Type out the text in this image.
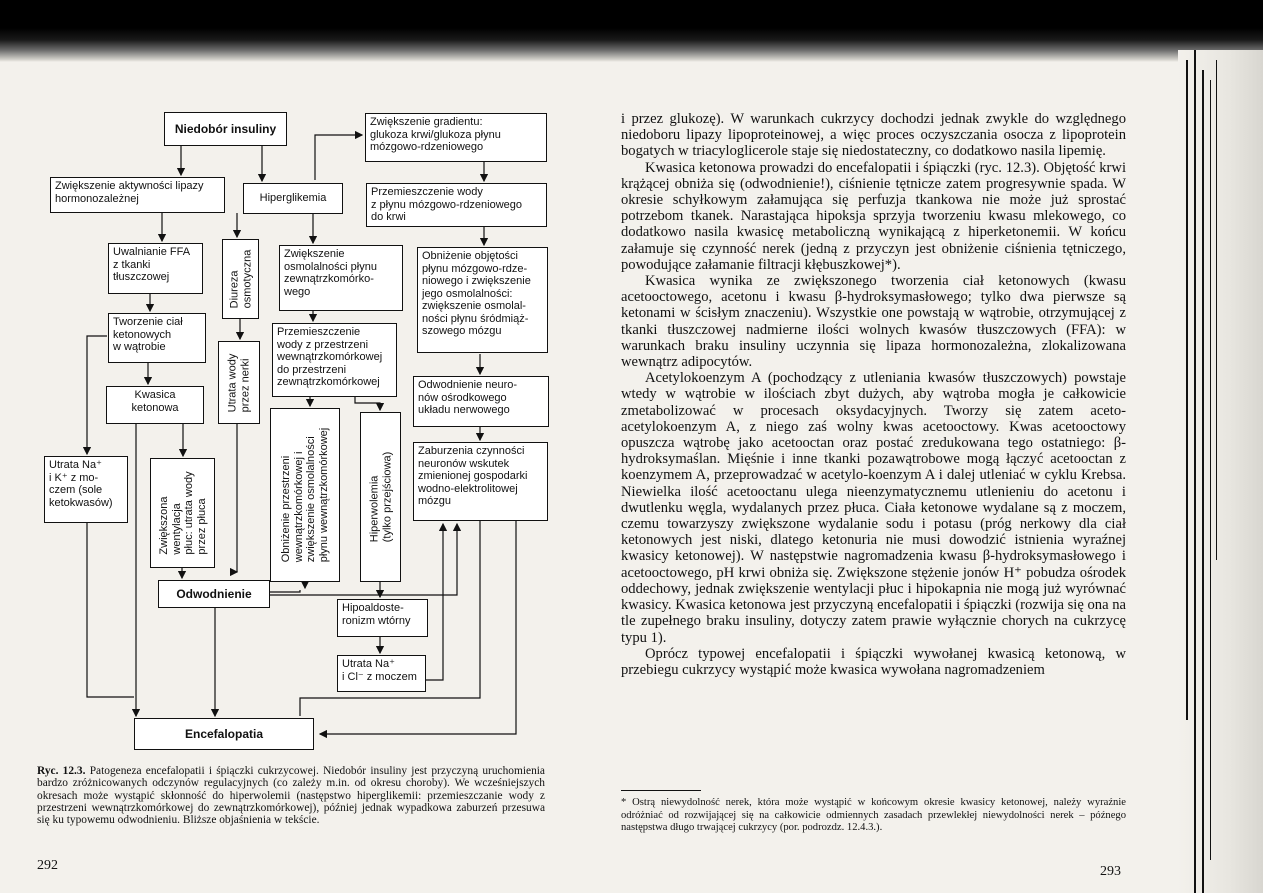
Niedobór insuliny	Zwiększenie gradientu:
glukoza krwi/glukoza płynu
mózgowo-rdzeniowego
Zwiększenie aktywności lipazy
hormonozależnej	Hiperglikemia
Przemieszczenie wody
z płynu mózgowo-rdzeniowego
do krwi
Uwalnianie FFA
z tkanki
tłuszczowej	Diureza osmotyczna	Zwiększenie
osmolalności płynu
zewnątrzkomórko-
wego
Obniżenie objętości
płynu mózgowo-rdze-
niowego i zwiększenie
jego osmolalności:
zwiększenie osmolal-
ności płynu śródmiąż-
szowego mózgu
Tworzenie ciał
ketonowych
w wątrobie
Przemieszczenie
wody z przestrzeni
wewnątrzkomórkowej
do przestrzeni
zewnątrzkomórkowej
Utrata wody przez nerki	Odwodnienie neuro-
nów ośrodkowego
układu nerwowego
Kwasica
ketonowa
Obniżenie przestrzeni wewnątrzkomórkowej i zwiększenie osmolalności płynu wewnątrzkomórkowej	Hiperwolemia (tylko przejściowa)
Zaburzenia czynności
neuronów wskutek
zmienionej gospodarki
wodno-elektrolitowej
mózgu
Utrata Na⁺
i K⁺ z mo-
czem (sole
ketokwasów)	Zwiększona wentylacja płuc: utrata wody przez płuca
Odwodnienie
Hipoaldoste-
ronizm wtórny
Utrata Na⁺
i Cl⁻ z moczem
Encefalopatia
Ryc. 12.3. Patogeneza encefalopatii i śpiączki cukrzycowej. Niedobór insuliny jest przyczyną uruchomienia bardzo zróżnicowanych odczynów regulacyjnych (co zależy m.in. od okresu choroby). We wcześniejszych okresach może wystąpić skłonność do hiperwolemii (następstwo hiperglikemii: przemieszczanie wody z przestrzeni wewnątrzkomórkowej do zewnątrzkomórkowej), później jednak wypadkowa zaburzeń przesuwa się ku typowemu odwodnieniu. Bliższe objaśnienia w tekście.
292	293

i przez glukozę). W warunkach cukrzycy dochodzi jednak zwykle do względnego niedoboru lipazy lipoproteinowej, a więc proces oczyszczania osocza z lipoprotein bogatych w triacyloglicerole staje się niedostateczny, co dodatkowo nasila lipemię.

Kwasica ketonowa prowadzi do encefalopatii i śpiączki (ryc. 12.3). Objętość krwi krążącej obniża się (odwodnienie!), ciśnienie tętnicze zatem progresywnie spada. W okresie schyłkowym załamująca się perfuzja tkankowa nie może już sprostać potrzebom tkanek. Narastająca hipoksja sprzyja tworzeniu kwasu mlekowego, co dodatkowo nasila kwasicę metaboliczną wynikającą z hiperketonemii. W końcu załamuje się czynność nerek (jedną z przyczyn jest obniżenie ciśnienia tętniczego, powodujące załamanie filtracji kłębuszkowej*).

Kwasica wynika ze zwiększonego tworzenia ciał ketonowych (kwasu acetooctowego, acetonu i kwasu β-hydroksymasłowego; tylko dwa pierwsze są ketonami w ścisłym znaczeniu). Wszystkie one powstają w wątrobie, otrzymującej z tkanki tłuszczowej nadmierne ilości wolnych kwasów tłuszczowych (FFA): w warunkach braku insuliny uczynnia się lipaza hormonozależna, zlokalizowana wewnątrz adipocytów.

Acetylokoenzym A (pochodzący z utleniania kwasów tłuszczowych) powstaje wtedy w wątrobie w ilościach zbyt dużych, aby wątroba mogła je całkowicie zmetabolizować w procesach oksydacyjnych. Tworzy się zatem aceto-acetylokoenzym A, z niego zaś wolny kwas acetooctowy. Kwas acetooctowy opuszcza wątrobę jako acetooctan oraz postać zredukowana tego ostatniego: β-hydroksymaślan. Mięśnie i inne tkanki pozawątrobowe mogą łączyć acetooctan z koenzymem A, przeprowadzać w acetylo-koenzym A i dalej utleniać w cyklu Krebsa. Niewielka ilość acetooctanu ulega nieenzymatycznemu utlenieniu do acetonu i dwutlenku węgla, wydalanych przez płuca. Ciała ketonowe wydalane są z moczem, czemu towarzyszy zwiększone wydalanie sodu i potasu (próg nerkowy dla ciał ketonowych jest niski, dlatego ketonuria nie musi dowodzić istnienia wyraźnej kwasicy ketonowej). W następstwie nagromadzenia kwasu β-hydroksymasłowego i acetooctowego, pH krwi obniża się. Zwiększone stężenie jonów H⁺ pobudza ośrodek oddechowy, jednak zwiększenie wentylacji płuc i hipokapnia nie mogą już wyrównać kwasicy. Kwasica ketonowa jest przyczyną encefalopatii i śpiączki (rozwija się ona na tle zupełnego braku insuliny, dotyczy zatem prawie wyłącznie chorych na cukrzycę typu 1).

Oprócz typowej encefalopatii i śpiączki wywołanej kwasicą ketonową, w przebiegu cukrzycy wystąpić może kwasica wywołana nagromadzeniem

* Ostrą niewydolność nerek, która może wystąpić w końcowym okresie kwasicy ketonowej, należy wyraźnie odróżniać od rozwijającej się na całkowicie odmiennych zasadach przewlekłej niewydolności nerek – późnego następstwa długo trwającej cukrzycy (por. podrozdz. 12.4.3.).
